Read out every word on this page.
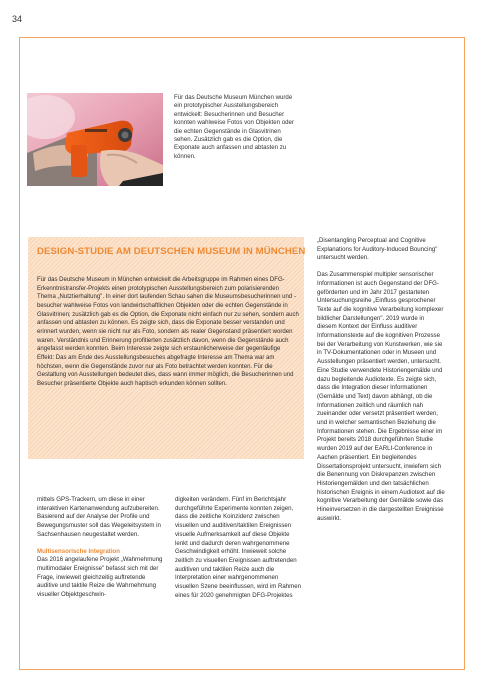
34
Für das Deutsche Museum München wurde ein prototypischer Ausstellungsbereich entwickelt: Besucherinnen und Besucher konnten wahlweise Fotos von Objekten oder die echten Gegenstände in Glasvitrinen sehen. Zusätzlich gab es die Option, die Exponate auch anfassen und abtasten zu können.
DESIGN-STUDIE AM DEUTSCHEN MUSEUM IN MÜNCHEN
Für das Deutsche Museum in München entwickelt die Arbeitsgruppe im Rahmen eines DFG-Erkenntnistransfer-Projekts einen prototypischen Ausstellungsbereich zum polarisierenden Thema „Nutztierhaltung". In einer dort laufenden Schau sahen die Museumsbesucherinnen und -besucher wahlweise Fotos von landwirtschaftlichen Objekten oder die echten Gegenstände in Glasvitrinen; zusätzlich gab es die Option, die Exponate nicht einfach nur zu sehen, sondern auch anfassen und abtasten zu können. Es zeigte sich, dass die Exponate besser verstanden und erinnert wurden, wenn sie nicht nur als Foto, sondern als realer Gegenstand präsentiert worden waren. Verständnis und Erinnerung profitierten zusätzlich davon, wenn die Gegenstände auch angefasst werden konnten. Beim Interesse zeigte sich erstaunlicherweise der gegenläufige Effekt: Das am Ende des Ausstellungsbesuches abgefragte Interesse am Thema war am höchsten, wenn die Gegenstände zuvor nur als Foto betrachtet werden konnten. Für die Gestaltung von Ausstellungen bedeutet dies, dass wann immer möglich, die Besucherinnen und Besucher präsentierte Objekte auch haptisch erkunden können sollten.

mittels GPS-Trackern, um diese in einer interaktiven Kartenanwendung aufzubereiten. Basierend auf der Analyse der Profile und Bewegungsmuster soll das Wegeleitsystem in Sachsenhausen neugestaltet werden.

Multisensorische Integration

Das 2016 angelaufene Projekt „Wahrnehmung multimodaler Ereignisse" befasst sich mit der Frage, inwieweit gleichzeitig auftretende auditive und taktile Reize die Wahrnehmung visueller Objektgeschwin-

digkeiten verändern. Fünf im Berichtsjahr durchgeführte Experimente konnten zeigen, dass die zeitliche Koinzidenz zwischen visuellen und auditiven/taktilen Ereignissen visuelle Aufmerksamkeit auf diese Objekte lenkt und dadurch deren wahrgenommene Geschwindigkeit erhöht. Inwieweit solche zeitlich zu visuellen Ereignissen auftretenden auditiven und taktilen Reize auch die Interpretation einer wahrgenommenen visuellen Szene beeinflussen, wird im Rahmen eines für 2020 genehmigten DFG-Projektes

„Disentangling Perceptual and Cognitive Explanations for Auditory-Induced Bouncing" untersucht werden.

Das Zusammenspiel multipler sensorischer Informationen ist auch Gegenstand der DFG-geförderten und im Jahr 2017 gestarteten Untersuchungsreihe „Einfluss gesprochener Texte auf die kognitive Verarbeitung komplexer bildlicher Darstellungen". 2019 wurde in diesem Kontext der Einfluss auditiver Informationstexte auf die kognitiven Prozesse bei der Verarbeitung von Kunstwerken, wie sie in TV-Dokumentationen oder in Museen und Ausstellungen präsentiert werden, untersucht. Eine Studie verwendete Historiengemälde und dazu begleitende Audiotexte. Es zeigte sich, dass die Integration dieser Informationen (Gemälde und Text) davon abhängt, ob die Informationen zeitlich und räumlich nah zueinander oder versetzt präsentiert werden, und in welcher semantischen Beziehung die Informationen stehen. Die Ergebnisse einer im Projekt bereits 2018 durchgeführten Studie wurden 2019 auf der EARLI-Conference in Aachen präsentiert. Ein begleitendes Dissertationsprojekt untersucht, inwiefern sich die Benennung von Diskrepanzen zwischen Historiengemälden und den tatsächlichen historischen Ereignis in einem Audiotext auf die kognitive Verarbeitung der Gemälde sowie das Hineinversetzen in die dargestellten Ereignisse auswirkt.
